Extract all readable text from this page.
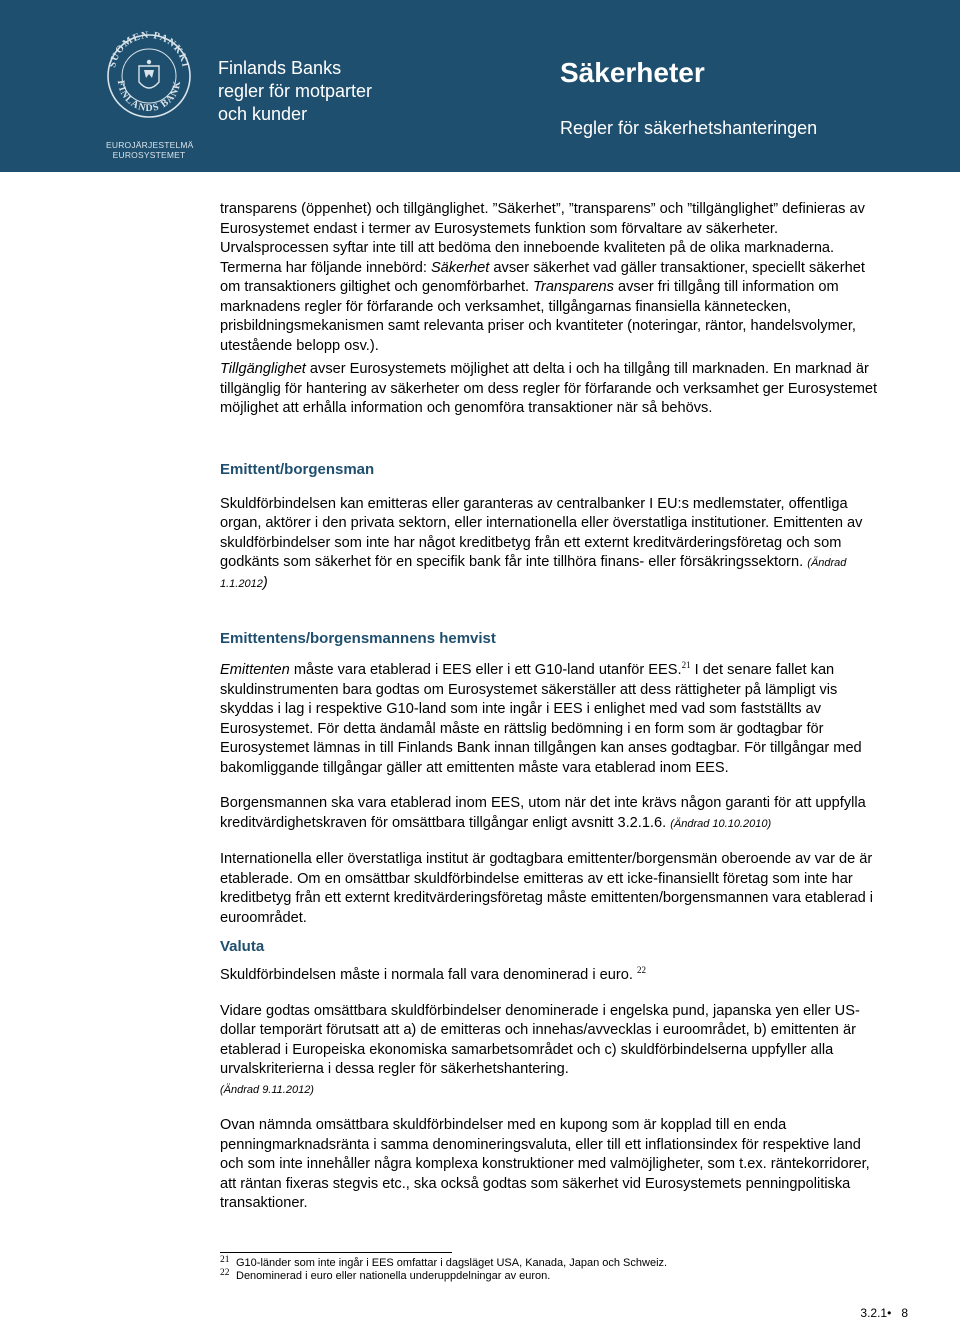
SUOMEN PANKKI
FINLANDS BANK
EUROJÄRJESTELMÄ
EUROSYSTEMET
Finlands Banks
regler för motparter
och kunder
Säkerheter
Regler för säkerhetshanteringen

transparens (öppenhet) och tillgänglighet. ”Säkerhet”, ”transparens” och ”tillgänglighet” definieras av Eurosystemet endast i termer av Eurosystemets funktion som förvaltare av säkerheter. Urvalsprocessen syftar inte till att bedöma den inneboende kvaliteten på de olika marknaderna. Termerna har följande innebörd: Säkerhet avser säkerhet vad gäller transaktioner, speciellt säkerhet om transaktioners giltighet och genomförbarhet. Transparens avser fri tillgång till information om marknadens regler för förfarande och verksamhet, tillgångarnas finansiella kännetecken, prisbildningsmekanismen samt relevanta priser och kvantiteter (noteringar, räntor, handelsvolymer, utestående belopp osv.).

Tillgänglighet avser Eurosystemets möjlighet att delta i och ha tillgång till marknaden. En marknad är tillgänglig för hantering av säkerheter om dess regler för förfarande och verksamhet ger Eurosystemet möjlighet att erhålla information och genomföra transaktioner när så behövs.

Emittent/borgensman

Skuldförbindelsen kan emitteras eller garanteras av centralbanker I EU:s medlemstater, offentliga organ, aktörer i den privata sektorn, eller internationella eller överstatliga institutioner. Emittenten av skuldförbindelser som inte har något kreditbetyg från ett externt kreditvärderingsföretag och som godkänts som säkerhet för en specifik bank får inte tillhöra finans- eller försäkringssektorn. (Ändrad 1.1.2012)

Emittentens/borgensmannens hemvist

Emittenten måste vara etablerad i EES eller i ett G10-land utanför EES.$^{21}$ I det senare fallet kan skuldinstrumenten bara godtas om Eurosystemet säkerställer att dess rättigheter på lämpligt vis skyddas i lag i respektive G10-land som inte ingår i EES i enlighet med vad som fastställts av Eurosystemet. För detta ändamål måste en rättslig bedömning i en form som är godtagbar för Eurosystemet lämnas in till Finlands Bank innan tillgången kan anses godtagbar. För tillgångar med bakomliggande tillgångar gäller att emittenten måste vara etablerad inom EES.

Borgensmannen ska vara etablerad inom EES, utom när det inte krävs någon garanti för att uppfylla kreditvärdighetskraven för omsättbara tillgångar enligt avsnitt 3.2.1.6. (Ändrad 10.10.2010)

Internationella eller överstatliga institut är godtagbara emittenter/borgensmän oberoende av var de är etablerade. Om en omsättbar skuldförbindelse emitteras av ett icke-finansiellt företag som inte har kreditbetyg från ett externt kreditvärderingsföretag måste emittenten/borgensmannen vara etablerad i euroområdet.

Valuta

Skuldförbindelsen måste i normala fall vara denominerad i euro. $^{22}$

Vidare godtas omsättbara skuldförbindelser denominerade i engelska pund, japanska yen eller US-dollar temporärt förutsatt att a) de emitteras och innehas/avvecklas i euroområdet, b) emittenten är etablerad i Europeiska ekonomiska samarbetsområdet och c) skuldförbindelserna uppfyller alla urvalskriterierna i dessa regler för säkerhetshantering.
(Ändrad 9.11.2012)

Ovan nämnda omsättbara skuldförbindelser med en kupong som är kopplad till en enda penningmarknadsränta i samma denomineringsvaluta, eller till ett inflationsindex för respektive land och som inte innehåller några komplexa konstruktioner med valmöjligheter, som t.ex. räntekorridorer, att räntan fixeras stegvis etc., ska också godtas som säkerhet vid Eurosystemets penningpolitiska transaktioner.

21 G10-länder som inte ingår i EES omfattar i dagsläget USA, Kanada, Japan och Schweiz.
22 Denominerad i euro eller nationella underuppdelningar av euron.
3.2.1• 8
